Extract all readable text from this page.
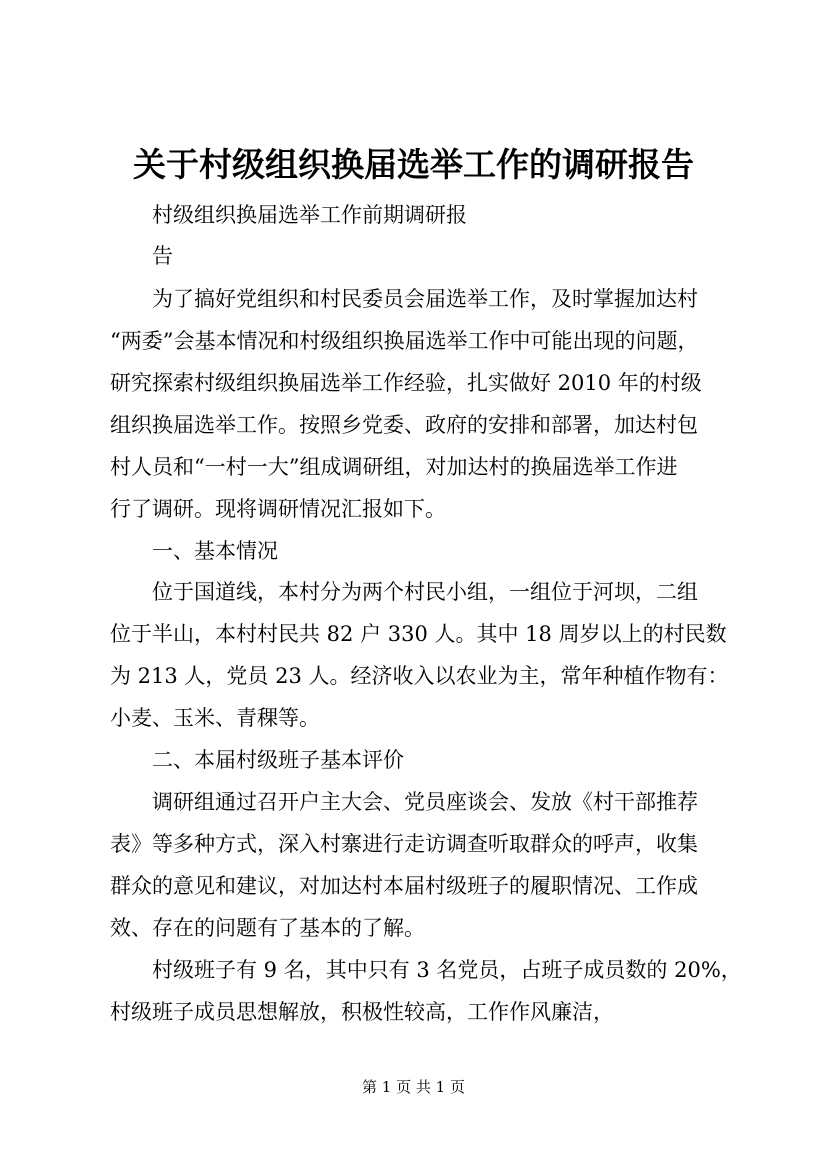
关于村级组织换届选举工作的调研报告
村级组织换届选举工作前期调研报
告
为了搞好党组织和村民委员会届选举工作，及时掌握加达村
“两委”会基本情况和村级组织换届选举工作中可能出现的问题，
研究探索村级组织换届选举工作经验，扎实做好 2010 年的村级
组织换届选举工作。按照乡党委、政府的安排和部署，加达村包
村人员和“一村一大”组成调研组，对加达村的换届选举工作进
行了调研。现将调研情况汇报如下。
一、基本情况
位于国道线，本村分为两个村民小组，一组位于河坝，二组
位于半山，本村村民共 82 户 330 人。其中 18 周岁以上的村民数
为 213 人，党员 23 人。经济收入以农业为主，常年种植作物有：
小麦、玉米、青稞等。
二、本届村级班子基本评价
调研组通过召开户主大会、党员座谈会、发放《村干部推荐
表》等多种方式，深入村寨进行走访调查听取群众的呼声，收集
群众的意见和建议，对加达村本届村级班子的履职情况、工作成
效、存在的问题有了基本的了解。
村级班子有 9 名，其中只有 3 名党员，占班子成员数的 20%，
村级班子成员思想解放，积极性较高，工作作风廉洁，
第 1 页 共 1 页
